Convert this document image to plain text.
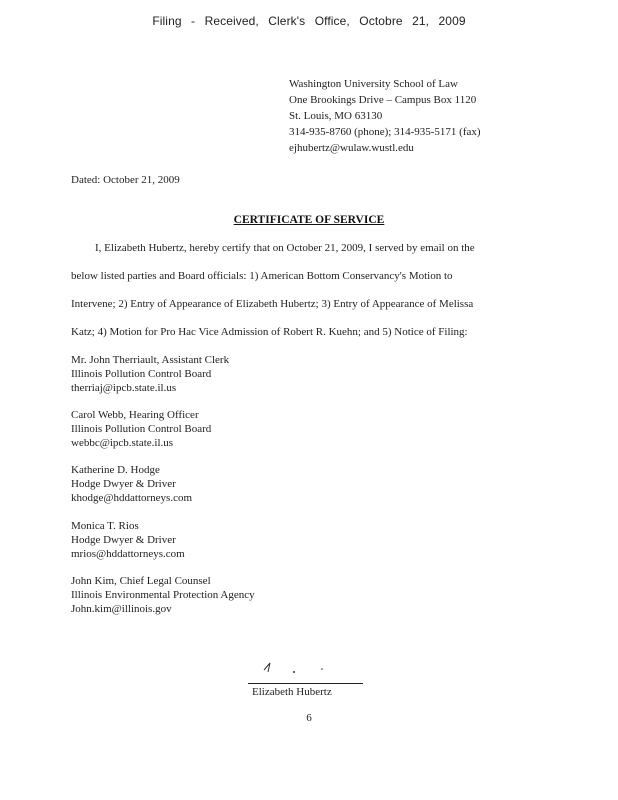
Filing - Received, Clerk's Office, Octobre 21, 2009
Washington University School of Law
One Brookings Drive – Campus Box 1120
St. Louis, MO 63130
314-935-8760 (phone); 314-935-5171 (fax)
ejhubertz@wulaw.wustl.edu
Dated: October 21, 2009
CERTIFICATE OF SERVICE
I, Elizabeth Hubertz, hereby certify that on October 21, 2009, I served by email on the
below listed parties and Board officials: 1) American Bottom Conservancy's Motion to
Intervene; 2) Entry of Appearance of Elizabeth Hubertz; 3) Entry of Appearance of Melissa
Katz; 4) Motion for Pro Hac Vice Admission of Robert R. Kuehn; and 5) Notice of Filing:
Mr. John Therriault, Assistant Clerk
Illinois Pollution Control Board
therriaj@ipcb.state.il.us
Carol Webb, Hearing Officer
Illinois Pollution Control Board
webbc@ipcb.state.il.us
Katherine D. Hodge
Hodge Dwyer & Driver
khodge@hddattorneys.com
Monica T. Rios
Hodge Dwyer & Driver
mrios@hddattorneys.com
John Kim, Chief Legal Counsel
Illinois Environmental Protection Agency
John.kim@illinois.gov
Elizabeth Hubertz
6
